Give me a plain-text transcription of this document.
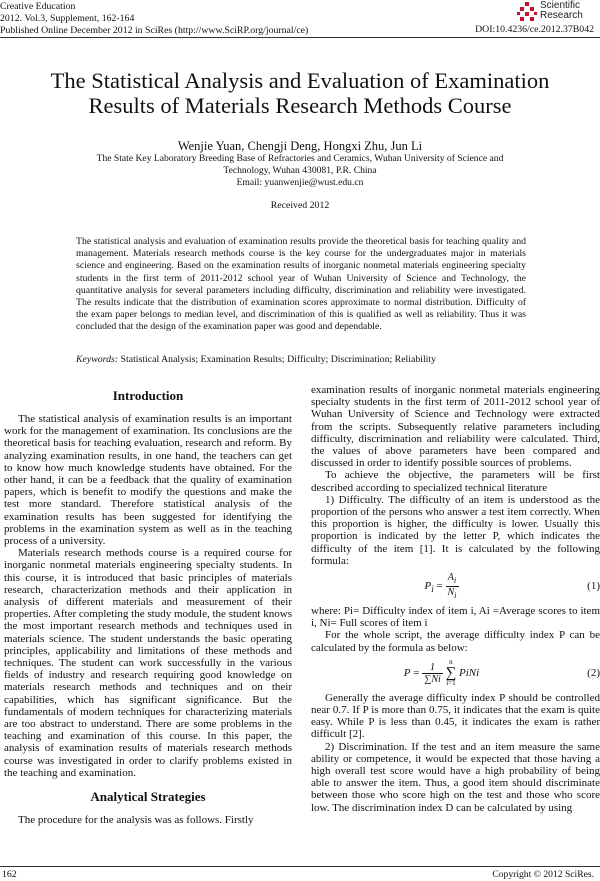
Creative Education
2012. Vol.3, Supplement, 162-164
Published Online December 2012 in SciRes (http://www.SciRP.org/journal/ce)	DOI:10.4236/ce.2012.37B042
Scientific
Research
The Statistical Analysis and Evaluation of Examination
Results of Materials Research Methods Course
Wenjie Yuan, Chengji Deng, Hongxi Zhu, Jun Li
The State Key Laboratory Breeding Base of Refractories and Ceramics, Wuhan University of Science and
Technology, Wuhan 430081, P.R. China
Email: yuanwenjie@wust.edu.cn
Received 2012

The statistical analysis and evaluation of examination results provide the theoretical basis for teaching quality and management. Materials research methods course is the key course for the undergraduates major in materials science and engineering. Based on the examination results of inorganic nonmetal materials engineering specialty students in the first term of 2011-2012 school year of Wuhan University of Science and Technology, the quantitative analysis for several parameters including difficulty, discrimination and reliability were investigated. The results indicate that the distribution of examination scores approximate to normal distribution. Difficulty of the exam paper belongs to median level, and discrimination of this is qualified as well as reliability. Thus it was concluded that the design of the examination paper was good and dependable.

Keywords: Statistical Analysis; Examination Results; Difficulty; Discrimination; Reliability
Introduction

The statistical analysis of examination results is an important work for the management of examination. Its conclusions are the theoretical basis for teaching evaluation, research and reform. By analyzing examination results, in one hand, the teachers can get to know how much knowledge students have obtained. For the other hand, it can be a feedback that the quality of examination papers, which is benefit to modify the questions and make the test more standard. Therefore statistical analysis of the examination results has been suggested for identifying the problems in the examination system as well as in the teaching process of a university.

Materials research methods course is a required course for inorganic nonmetal materials engineering specialty students. In this course, it is introduced that basic principles of materials research, characterization methods and their application in analysis of different materials and measurement of their properties. After completing the study module, the student knows the most important research methods and techniques used in materials science. The student understands the basic operating principles, applicability and limitations of these methods and techniques. The student can work successfully in the various fields of industry and research requiring good knowledge on materials research methods and techniques and on their capabilities, which has significant significance. But the fundamentals of modern techniques for characterizing materials are too abstract to understand. There are some problems in the teaching and examination of this course. In this paper, the analysis of examination results of materials research methods course was investigated in order to clarify problems existed in the teaching and examination.

Analytical Strategies

The procedure for the analysis was as follows. Firstly

examination results of inorganic nonmetal materials engineering specialty students in the first term of 2011-2012 school year of Wuhan University of Science and Technology were extracted from the scripts. Subsequently relative parameters including difficulty, discrimination and reliability were calculated. Third, the values of above parameters have been compared and discussed in order to identify possible sources of problems.

To achieve the objective, the parameters will be first described according to specialized technical literature

1) Difficulty. The difficulty of an item is understood as the proportion of the persons who answer a test item correctly. When this proportion is higher, the difficulty is lower. Usually this proportion is indicated by the letter P, which indicates the difficulty of the item [1]. It is calculated by the following formula:

$P_i = \frac{A_i}{N_i}$	(1)

where: Pi= Difficulty index of item i, Ai =Average scores to item i, Ni= Full scores of item i

For the whole script, the average difficulty index P can be calculated by the formula as below:

$P = \frac{1}{\sum Ni}$ n
∑
i=1 PiNi	(2)

Generally the average difficulty index P should be controlled near 0.7. If P is more than 0.75, it indicates that the exam is quite easy. While P is less than 0.45, it indicates the exam is rather difficult [2].

2) Discrimination. If the test and an item measure the same ability or competence, it would be expected that those having a high overall test score would have a high probability of being able to answer the item. Thus, a good item should discriminate between those who score high on the test and those who score low. The discrimination index D can be calculated by using

162	Copyright © 2012 SciRes.
